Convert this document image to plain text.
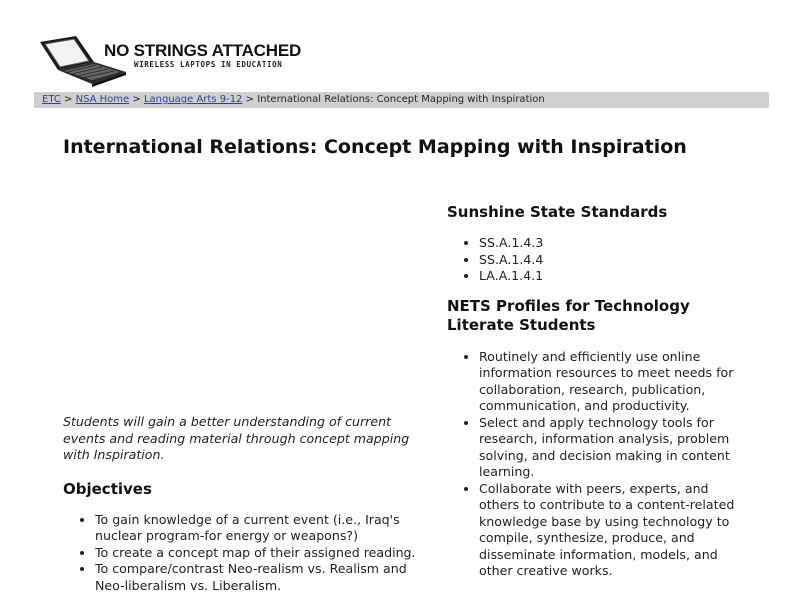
NO STRINGS ATTACHED
WIRELESS LAPTOPS IN EDUCATION
ETC > NSA Home > Language Arts 9-12 > International Relations: Concept Mapping with Inspiration
International Relations: Concept Mapping with Inspiration
Sunshine State Standards
• SS.A.1.4.3
• SS.A.1.4.4
• LA.A.1.4.1
NETS Profiles for Technology Literate Students
• Routinely and efficiently use online information resources to meet needs for collaboration, research, publication, communication, and productivity.
• Select and apply technology tools for research, information analysis, problem solving, and decision making in content learning.
• Collaborate with peers, experts, and others to contribute to a content-related knowledge base by using technology to compile, synthesize, produce, and disseminate information, models, and other creative works.

Students will gain a better understanding of current events and reading material through concept mapping with Inspiration.

Objectives
• To gain knowledge of a current event (i.e., Iraq's nuclear program-for energy or weapons?)
• To create a concept map of their assigned reading.
• To compare/contrast Neo-realism vs. Realism and Neo-liberalism vs. Liberalism.
